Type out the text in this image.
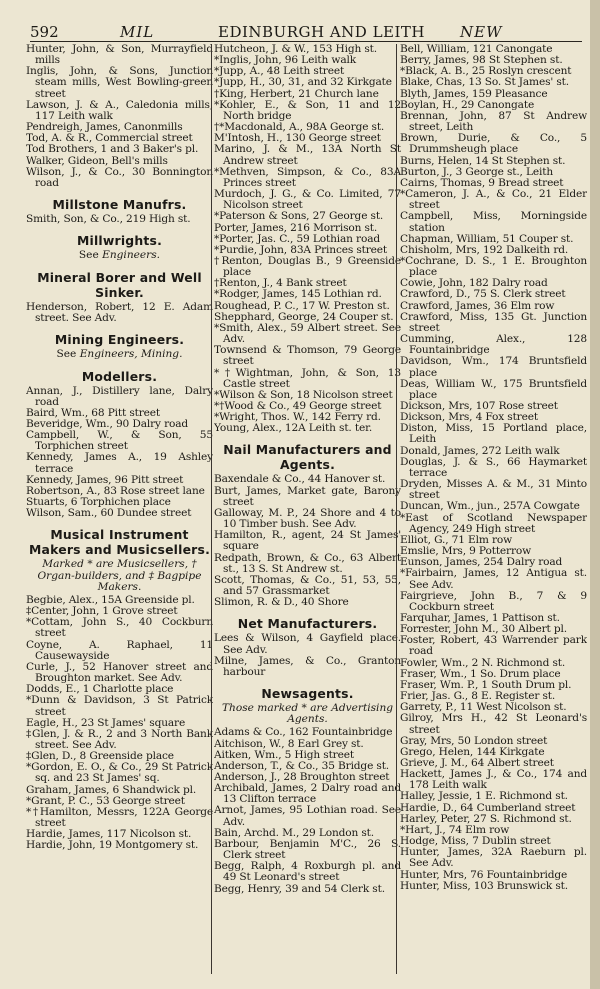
592	MIL	EDINBURGH AND LEITH NEW

Hunter, John, & Son, Murrayfield mills

Inglis, John, & Sons, Junction steam mills, West Bowling-green street

Lawson, J. & A., Caledonia mills, 117 Leith walk

Pendreigh, James, Canonmills

Tod, A. & R., Commercial street

Tod Brothers, 1 and 3 Baker's pl.

Walker, Gideon, Bell's mills

Wilson, J., & Co., 30 Bonnington road

Millstone Manufrs.

Smith, Son, & Co., 219 High st.

Millwrights.

See Engineers.

Mineral Borer and Well Sinker.

Henderson, Robert, 12 E. Adam street. See Adv.

Mining Engineers.

See Engineers, Mining.

Modellers.

Annan, J., Distillery lane, Dalry road

Baird, Wm., 68 Pitt street

Beveridge, Wm., 90 Dalry road

Campbell, W., & Son, 55 Torphichen street

Kennedy, James A., 19 Ashley terrace

Kennedy, James, 96 Pitt street

Robertson, A., 83 Rose street lane

Stuarts, 6 Torphichen place

Wilson, Sam., 60 Dundee street

Musical Instrument Makers and Musicsellers.

Marked * are Musicsellers, † Organ-builders, and ‡ Bagpipe Makers.

Begbie, Alex., 15A Greenside pl.

‡Center, John, 1 Grove street

*Cottam, John S., 40 Cockburn street

Coyne, A. Raphael, 11 Causewayside

Curle, J., 52 Hanover street and Broughton market. See Adv.

Dodds, E., 1 Charlotte place

*Dunn & Davidson, 3 St Patrick street

Eagle, H., 23 St James' square

‡Glen, J. & R., 2 and 3 North Bank street. See Adv.

‡Glen, D., 8 Greenside place

*Gordon, E. O., & Co., 29 St Patrick sq. and 23 St James' sq.

Graham, James, 6 Shandwick pl.

*Grant, P. C., 53 George street

*†Hamilton, Messrs, 122A George street

Hardie, James, 117 Nicolson st.

Hardie, John, 19 Montgomery st.

Hutcheon, J. & W., 153 High st.

*Inglis, John, 96 Leith walk

*Jupp, A., 48 Leith street

*Jupp, H., 30, 31, and 32 Kirkgate

†King, Herbert, 21 Church lane

*Kohler, E., & Son, 11 and 12 North bridge

†*Macdonald, A., 98A George st.

M'Intosh, H., 130 George street

Marino, J. & M., 13A North St Andrew street

*Methven, Simpson, & Co., 83A Princes street

Murdoch, J. G., & Co. Limited, 77 Nicolson street

*Paterson & Sons, 27 George st.

Porter, James, 216 Morrison st.

*Porter, Jas. C., 59 Lothian road

*Purdie, John, 83A Princes street

†Renton, Douglas B., 9 Greenside place

†Renton, J., 4 Bank street

*Rodger, James, 145 Lothian rd.

Roughead, P. C., 17 W. Preston st.

Shepphard, George, 24 Couper st.

*Smith, Alex., 59 Albert street. See Adv.

Townsend & Thomson, 79 George street

*†Wightman, John, & Son, 13 Castle street

*Wilson & Son, 18 Nicolson street

*†Wood & Co., 49 George street

*Wright, Thos. W., 142 Ferry rd.

Young, Alex., 12A Leith st. ter.

Nail Manufacturers and Agents.

Baxendale & Co., 44 Hanover st.

Burt, James, Market gate, Barony street

Galloway, M. P., 24 Shore and 4 to 10 Timber bush. See Adv.

Hamilton, R., agent, 24 St James' square

Redpath, Brown, & Co., 63 Albert st., 13 S. St Andrew st.

Scott, Thomas, & Co., 51, 53, 55, and 57 Grassmarket

Slimon, R. & D., 40 Shore

Net Manufacturers.

Lees & Wilson, 4 Gayfield place. See Adv.

Milne, James, & Co., Granton harbour

Newsagents.

Those marked * are Advertising Agents.

Adams & Co., 162 Fountainbridge

Aitchison, W., 8 Earl Grey st.

Aitken, Wm., 5 High street

Anderson, T., & Co., 35 Bridge st.

Anderson, J., 28 Broughton street

Archibald, James, 2 Dalry road and 13 Clifton terrace

Arnot, James, 95 Lothian road. See Adv.

Bain, Archd. M., 29 London st.

Barbour, Benjamin M'C., 26 S. Clerk street

Begg, Ralph, 4 Roxburgh pl. and 49 St Leonard's street

Begg, Henry, 39 and 54 Clerk st.

Bell, William, 121 Canongate

Berry, James, 98 St Stephen st.

*Black, A. B., 25 Roslyn crescent

Blake, Chas, 13 So. St James' st.

Blyth, James, 159 Pleasance

Boylan, H., 29 Canongate

Brennan, John, 87 St Andrew street, Leith

Brown, Durie, & Co., 5 Drummsheugh place

Burns, Helen, 14 St Stephen st.

Burton, J., 3 George st., Leith

Cairns, Thomas, 9 Bread street

*Cameron, J. A., & Co., 21 Elder street

Campbell, Miss, Morningside station

Chapman, William, 51 Couper st.

Chisholm, Mrs, 192 Dalkeith rd.

*Cochrane, D. S., 1 E. Broughton place

Cowie, John, 182 Dalry road

Crawford, D., 75 S. Clerk street

Crawford, James, 36 Elm row

Crawford, Miss, 135 Gt. Junction street

Cumming, Alex., 128 Fountainbridge

Davidson, Wm., 174 Bruntsfield place

Deas, William W., 175 Bruntsfield place

Dickson, Mrs, 107 Rose street

Dickson, Mrs, 4 Fox street

Diston, Miss, 15 Portland place, Leith

Donald, James, 272 Leith walk

Douglas, J. & S., 66 Haymarket terrace

Dryden, Misses A. & M., 31 Minto street

Duncan, Wm., jun., 257A Cowgate

*East of Scotland Newspaper Agency, 249 High street

Elliot, G., 71 Elm row

Emslie, Mrs, 9 Potterrow

Eunson, James, 254 Dalry road

*Fairbairn, James, 12 Antigua st. See Adv.

Fairgrieve, John B., 7 & 9 Cockburn street

Farquhar, James, 1 Pattison st.

Forrester, John M., 30 Albert pl.

Foster, Robert, 43 Warrender park road

Fowler, Wm., 2 N. Richmond st.

Fraser, Wm., 1 So. Drum place

Fraser, Wm. P., 1 South Drum pl.

Frier, Jas. G., 8 E. Register st.

Garrety, P., 11 West Nicolson st.

Gilroy, Mrs H., 42 St Leonard's street

Gray, Mrs, 50 London street

Grego, Helen, 144 Kirkgate

Grieve, J. M., 64 Albert street

Hackett, James J., & Co., 174 and 178 Leith walk

Halley, Jessie, 1 E. Richmond st.

Hardie, D., 64 Cumberland street

Harley, Peter, 27 S. Richmond st.

*Hart, J., 74 Elm row

Hodge, Miss, 7 Dublin street

Hunter, James, 32A Raeburn pl. See Adv.

Hunter, Mrs, 76 Fountainbridge

Hunter, Miss, 103 Brunswick st.
